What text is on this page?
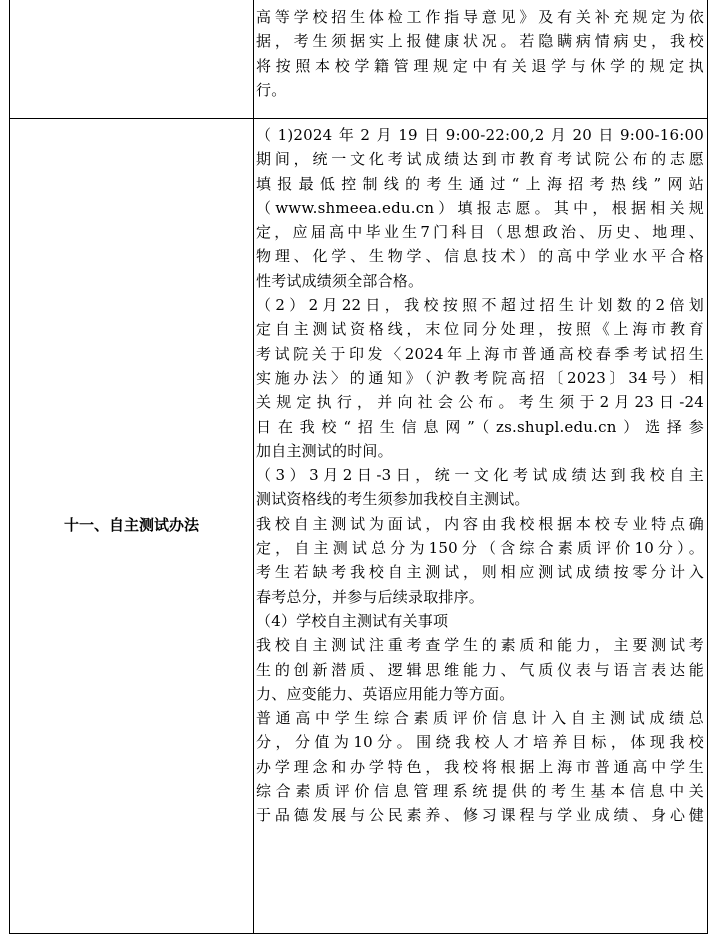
高等学校招生体检工作指导意见》及有关补充规定为依
据，考生须据实上报健康状况。若隐瞒病情病史，我校
将按照本校学籍管理规定中有关退学与休学的规定执
行。
十一、自主测试办法
（1)2024年2月19日9:00-22:00,2月20日9:00-16:00
期间，统一文化考试成绩达到市教育考试院公布的志愿
填报最低控制线的考生通过“上海招考热线”网站
（www.shmeea.edu.cn）填报志愿。其中，根据相关规
定，应届高中毕业生7门科目（思想政治、历史、地理、
物理、化学、生物学、信息技术）的高中学业水平合格
性考试成绩须全部合格。
（2）2月22日，我校按照不超过招生计划数的2倍划
定自主测试资格线，末位同分处理，按照《上海市教育
考试院关于印发〈2024年上海市普通高校春季考试招生
实施办法〉的通知》（沪教考院高招〔2023〕34号）相
关规定执行，并向社会公布。考生须于2月23日-24
日在我校“招生信息网”（zs.shupl.edu.cn）选择参
加自主测试的时间。
（3）3月2日-3日，统一文化考试成绩达到我校自主
测试资格线的考生须参加我校自主测试。
我校自主测试为面试，内容由我校根据本校专业特点确
定，自主测试总分为150分（含综合素质评价10分）。
考生若缺考我校自主测试，则相应测试成绩按零分计入
春考总分，并参与后续录取排序。
（4）学校自主测试有关事项
我校自主测试注重考查学生的素质和能力，主要测试考
生的创新潜质、逻辑思维能力、气质仪表与语言表达能
力、应变能力、英语应用能力等方面。
普通高中学生综合素质评价信息计入自主测试成绩总
分，分值为10分。围绕我校人才培养目标，体现我校
办学理念和办学特色，我校将根据上海市普通高中学生
综合素质评价信息管理系统提供的考生基本信息中关
于品德发展与公民素养、修习课程与学业成绩、身心健
